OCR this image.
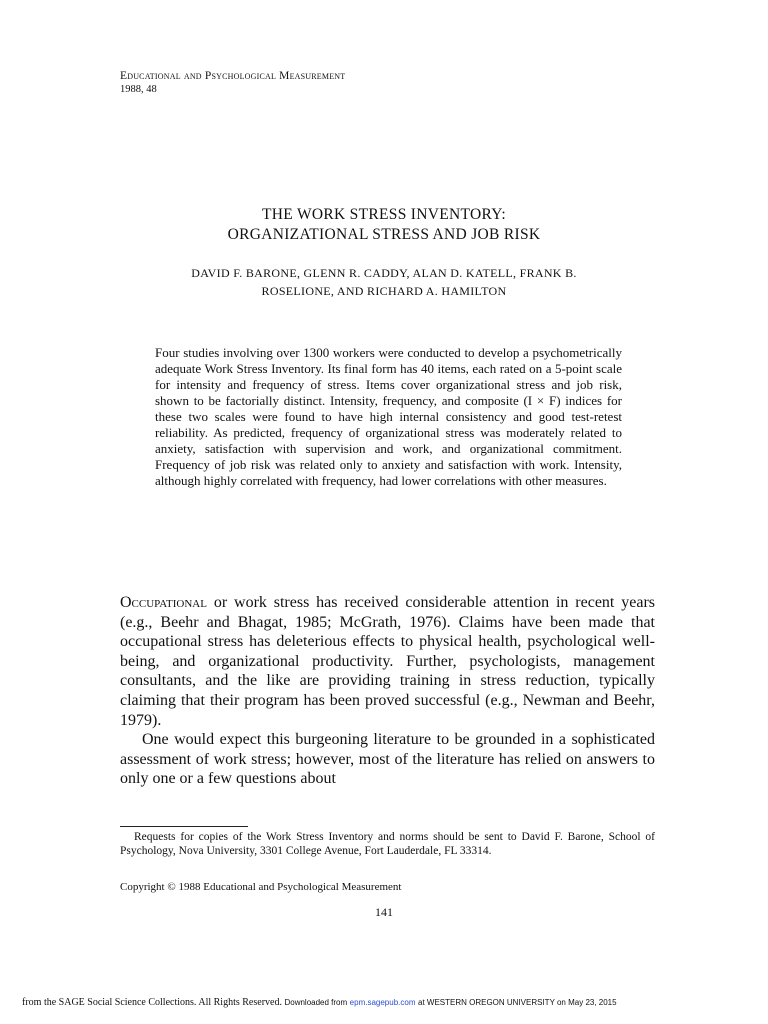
Educational and Psychological Measurement
1988, 48
THE WORK STRESS INVENTORY:
ORGANIZATIONAL STRESS AND JOB RISK
DAVID F. BARONE, GLENN R. CADDY, ALAN D. KATELL, FRANK B.
ROSELIONE, AND RICHARD A. HAMILTON
Four studies involving over 1300 workers were conducted to develop a psychometrically adequate Work Stress Inventory. Its final form has 40 items, each rated on a 5-point scale for intensity and frequency of stress. Items cover organizational stress and job risk, shown to be factorially distinct. Intensity, frequency, and composite (I × F) indices for these two scales were found to have high internal consistency and good test-retest reliability. As predicted, frequency of organizational stress was moderately related to anxiety, satisfaction with supervision and work, and organizational commitment. Frequency of job risk was related only to anxiety and satisfaction with work. Intensity, although highly correlated with frequency, had lower correlations with other measures.

Occupational or work stress has received considerable attention in recent years (e.g., Beehr and Bhagat, 1985; McGrath, 1976). Claims have been made that occupational stress has deleterious effects to physical health, psychological well-being, and organizational productivity. Further, psychologists, management consultants, and the like are providing training in stress reduction, typically claiming that their program has been proved successful (e.g., Newman and Beehr, 1979).

One would expect this burgeoning literature to be grounded in a sophisticated assessment of work stress; however, most of the literature has relied on answers to only one or a few questions about

Requests for copies of the Work Stress Inventory and norms should be sent to David F. Barone, School of Psychology, Nova University, 3301 College Avenue, Fort Lauderdale, FL 33314.
Copyright © 1988 Educational and Psychological Measurement
141
from the SAGE Social Science Collections. All Rights Reserved. Downloaded from epm.sagepub.com at WESTERN OREGON UNIVERSITY on May 23, 2015
